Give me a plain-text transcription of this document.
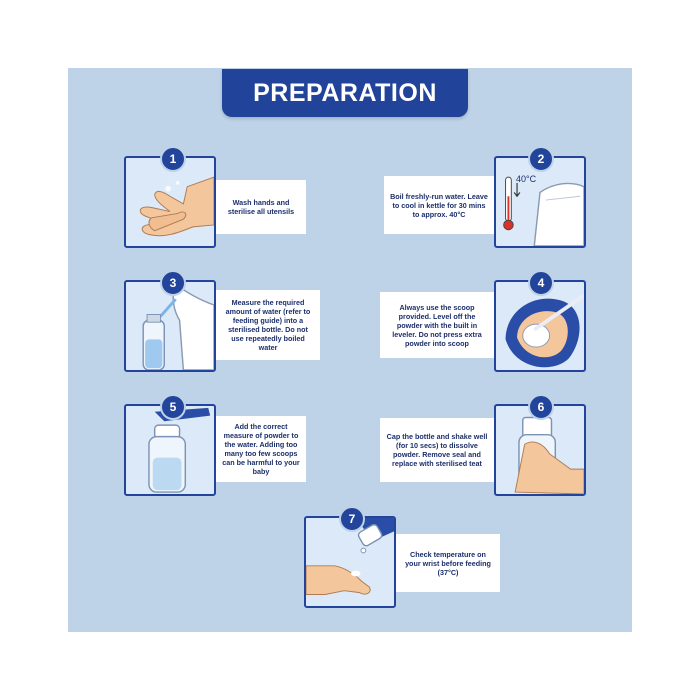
PREPARATION
1
Wash hands and sterilise all utensils
40°C
2
Boil freshly-run water. Leave to cool in kettle for 30 mins to approx. 40°C
3
Measure the required amount of water (refer to feeding guide) into a sterilised bottle. Do not use repeatedly boiled water
4
Always use the scoop provided. Level off the powder with the built in leveler. Do not press extra powder into scoop
5
Add the correct measure of powder to the water. Adding too many too few scoops can be harmful to your baby
6
Cap the bottle and shake well (for 10 secs) to dissolve powder. Remove seal and replace with sterilised teat
7
Check temperature on your wrist before feeding (37°C)
